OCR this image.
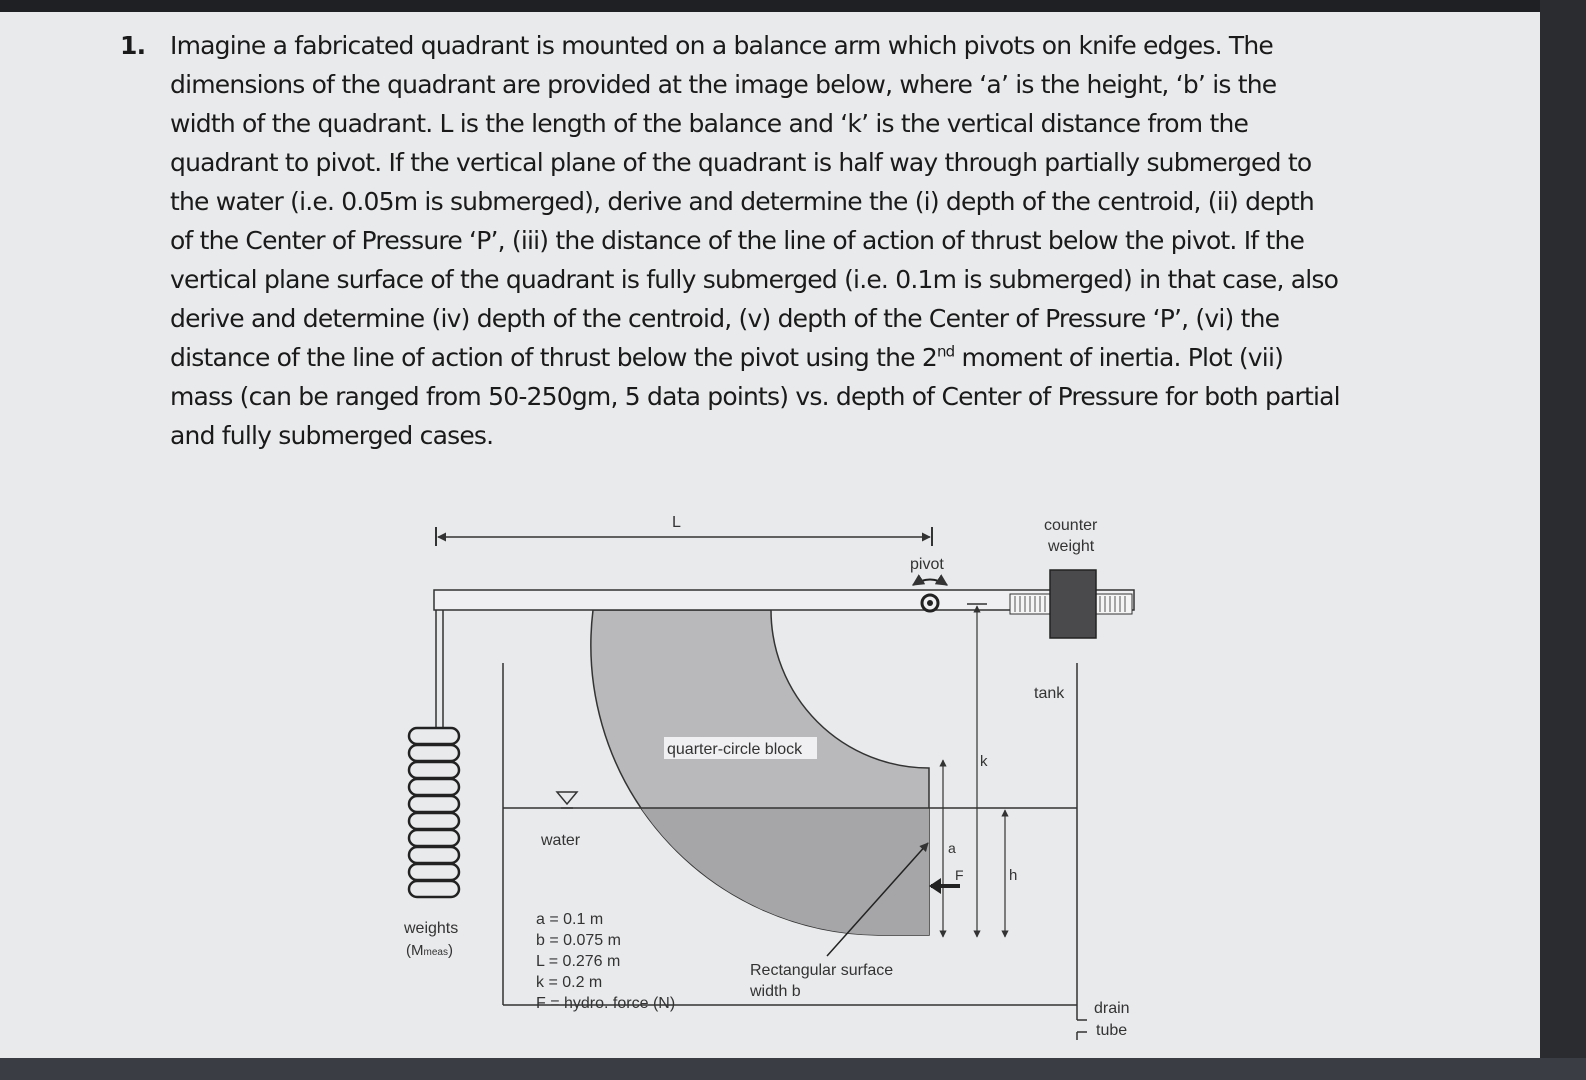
1. Imagine a fabricated quadrant is mounted on a balance arm which pivots on knife edges. The
dimensions of the quadrant are provided at the image below, where ‘a’ is the height, ‘b’ is the
width of the quadrant. L is the length of the balance and ‘k’ is the vertical distance from the
quadrant to pivot. If the vertical plane of the quadrant is half way through partially submerged to
the water (i.e. 0.05m is submerged), derive and determine the (i) depth of the centroid, (ii) depth
of the Center of Pressure ‘P’, (iii) the distance of the line of action of thrust below the pivot. If the
vertical plane surface of the quadrant is fully submerged (i.e. 0.1m is submerged) in that case, also
derive and determine (iv) depth of the centroid, (v) depth of the Center of Pressure ‘P’, (vi) the
distance of the line of action of thrust below the pivot using the 2nd moment of inertia. Plot (vii)
mass (can be ranged from 50-250gm, 5 data points) vs. depth of Center of Pressure for both partial
and fully submerged cases.
L
water
weights
(Mmeas)
pivot
counter
weight
tank
quarter-circle block
k
a
F	h
Rectangular surface
width b
a = 0.1 m
b = 0.075 m
L = 0.276 m
k = 0.2 m
F = hydro. force (N)	drain
tube
